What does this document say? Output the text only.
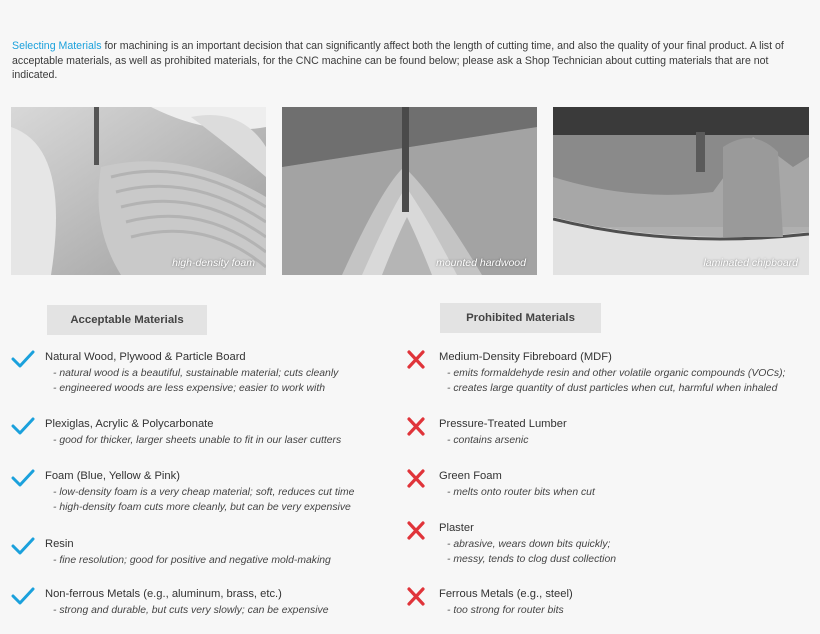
Selecting Materials for machining is an important decision that can significantly affect both the length of cutting time, and also the quality of your final product. A list of acceptable materials, as well as prohibited materials, for the CNC machine can be found below; please ask a Shop Technician about cutting materials that are not indicated.

high-density foam	mounted hardwood	laminated chipboard
Acceptable Materials	Prohibited Materials
Natural Wood, Plywood & Particle Board
- natural wood is a beautiful, sustainable material; cuts cleanly
- engineered woods are less expensive; easier to work with
Plexiglas, Acrylic & Polycarbonate
- good for thicker, larger sheets unable to fit in our laser cutters
Foam (Blue, Yellow & Pink)
- low-density foam is a very cheap material; soft, reduces cut time
- high-density foam cuts more cleanly, but can be very expensive
Resin
- fine resolution; good for positive and negative mold-making
Non-ferrous Metals (e.g., aluminum, brass, etc.)
- strong and durable, but cuts very slowly; can be expensive
Medium-Density Fibreboard (MDF)
- emits formaldehyde resin and other volatile organic compounds (VOCs);
- creates large quantity of dust particles when cut, harmful when inhaled
Pressure-Treated Lumber
- contains arsenic
Green Foam
- melts onto router bits when cut
Plaster
- abrasive, wears down bits quickly;
- messy, tends to clog dust collection
Ferrous Metals (e.g., steel)
- too strong for router bits
